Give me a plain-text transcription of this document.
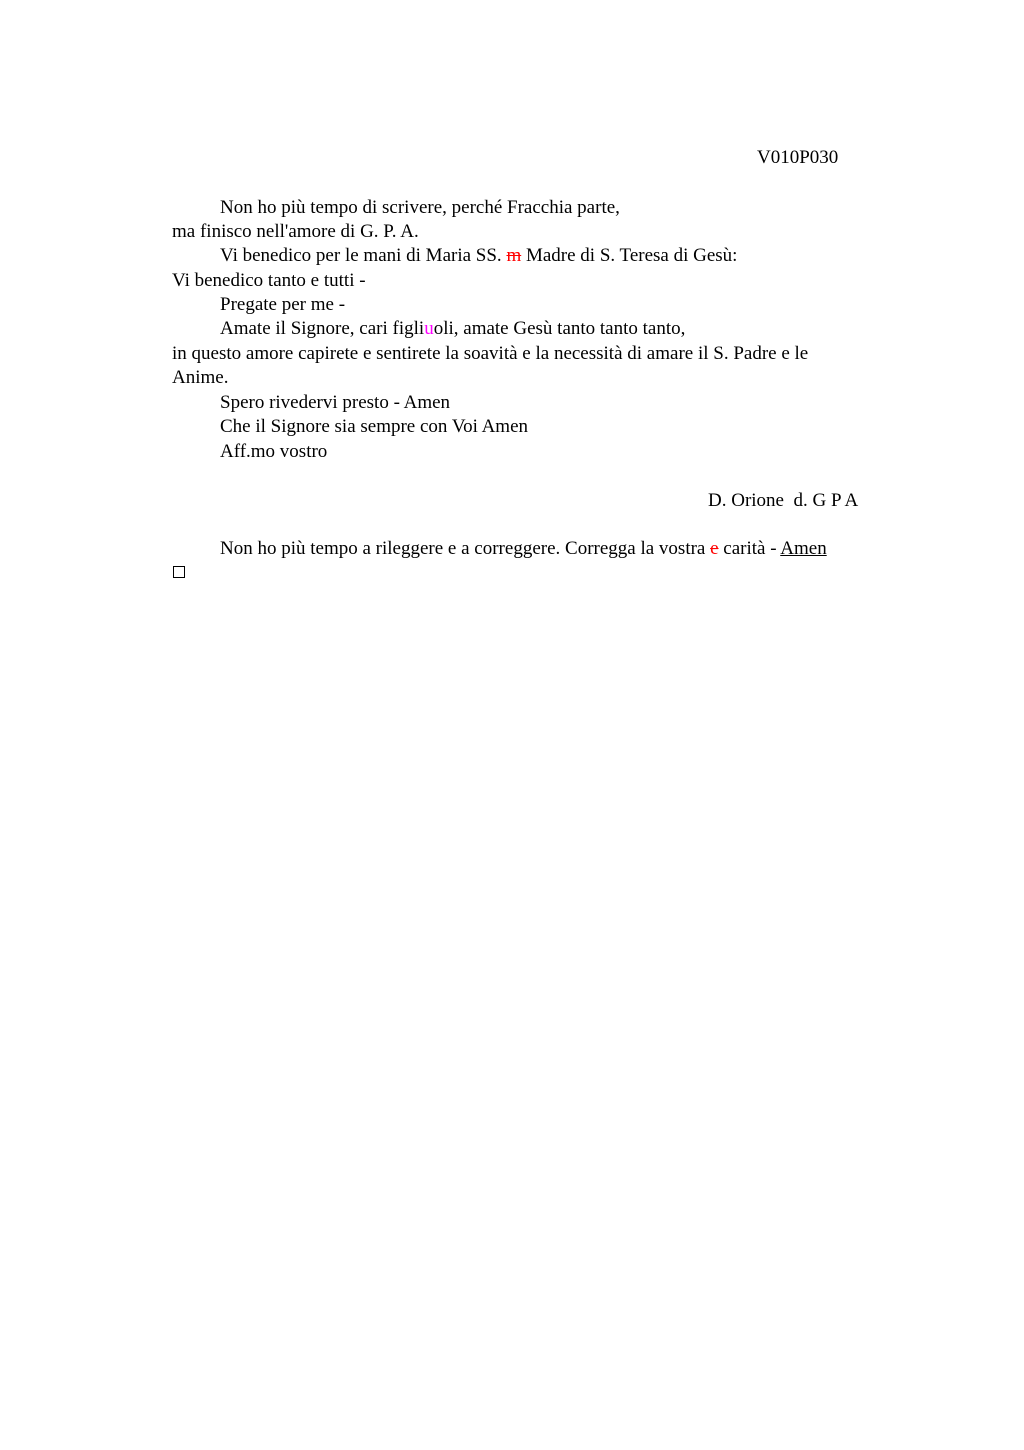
V010P030
Non ho più tempo di scrivere, perché Fracchia parte,
ma finisco nell'amore di G. P. A.
Vi benedico per le mani di Maria SS. m Madre di S. Teresa di Gesù:
Vi benedico tanto e tutti -
Pregate per me -
Amate il Signore, cari figliuoli, amate Gesù tanto tanto tanto,
in questo amore capirete e sentirete la soavità e la necessità di amare il S. Padre e le
Anime.
Spero rivedervi presto - Amen
Che il Signore sia sempre con Voi Amen
Aff.mo vostro
D. Orione  d. G P A
Non ho più tempo a rileggere e a correggere. Corregga la vostra e carità - Amen
